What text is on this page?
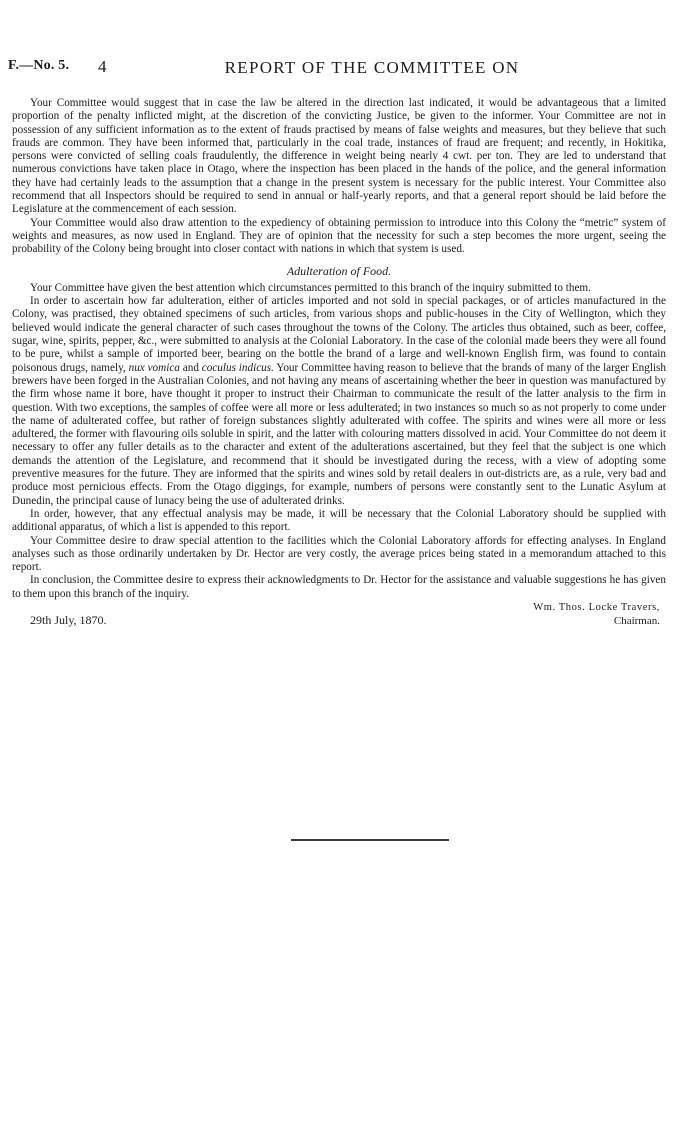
F.—No. 5. 4	REPORT OF THE COMMITTEE ON

Your Committee would suggest that in case the law be altered in the direction last indicated, it would be advantageous that a limited proportion of the penalty inflicted might, at the discretion of the convicting Justice, be given to the informer. Your Committee are not in possession of any sufficient information as to the extent of frauds practised by means of false weights and measures, but they believe that such frauds are common. They have been informed that, particularly in the coal trade, instances of fraud are frequent; and recently, in Hokitika, persons were convicted of selling coals fraudulently, the difference in weight being nearly 4 cwt. per ton. They are led to understand that numerous convictions have taken place in Otago, where the inspection has been placed in the hands of the police, and the general information they have had certainly leads to the assumption that a change in the present system is necessary for the public interest. Your Committee also recommend that all Inspectors should be required to send in annual or half-yearly reports, and that a general report should be laid before the Legislature at the commencement of each session.

Your Committee would also draw attention to the expediency of obtaining permission to introduce into this Colony the “metric” system of weights and measures, as now used in England. They are of opinion that the necessity for such a step becomes the more urgent, seeing the probability of the Colony being brought into closer contact with nations in which that system is used.

Adulteration of Food.

Your Committee have given the best attention which circumstances permitted to this branch of the inquiry submitted to them.

In order to ascertain how far adulteration, either of articles imported and not sold in special packages, or of articles manufactured in the Colony, was practised, they obtained specimens of such articles, from various shops and public-houses in the City of Wellington, which they believed would indicate the general character of such cases throughout the towns of the Colony. The articles thus obtained, such as beer, coffee, sugar, wine, spirits, pepper, &c., were submitted to analysis at the Colonial Laboratory. In the case of the colonial made beers they were all found to be pure, whilst a sample of imported beer, bearing on the bottle the brand of a large and well-known English firm, was found to contain poisonous drugs, namely, nux vomica and coculus indicus. Your Committee having reason to believe that the brands of many of the larger English brewers have been forged in the Australian Colonies, and not having any means of ascertaining whether the beer in question was manufactured by the firm whose name it bore, have thought it proper to instruct their Chairman to communicate the result of the latter analysis to the firm in question. With two exceptions, the samples of coffee were all more or less adulterated; in two instances so much so as not properly to come under the name of adulterated coffee, but rather of foreign substances slightly adulterated with coffee. The spirits and wines were all more or less adultered, the former with flavouring oils soluble in spirit, and the latter with colouring matters dissolved in acid. Your Committee do not deem it necessary to offer any fuller details as to the character and extent of the adulterations ascertained, but they feel that the subject is one which demands the attention of the Legislature, and recommend that it should be investigated during the recess, with a view of adopting some preventive measures for the future. They are informed that the spirits and wines sold by retail dealers in out-districts are, as a rule, very bad and produce most pernicious effects. From the Otago diggings, for example, numbers of persons were constantly sent to the Lunatic Asylum at Dunedin, the principal cause of lunacy being the use of adulterated drinks.

In order, however, that any effectual analysis may be made, it will be necessary that the Colonial Laboratory should be supplied with additional apparatus, of which a list is appended to this report.

Your Committee desire to draw special attention to the facilities which the Colonial Laboratory affords for effecting analyses. In England analyses such as those ordinarily undertaken by Dr. Hector are very costly, the average prices being stated in a memorandum attached to this report.

In conclusion, the Committee desire to express their acknowledgments to Dr. Hector for the assistance and valuable suggestions he has given to them upon this branch of the inquiry.

Wm. Thos. Locke Travers,
29th July, 1870.	Chairman.
